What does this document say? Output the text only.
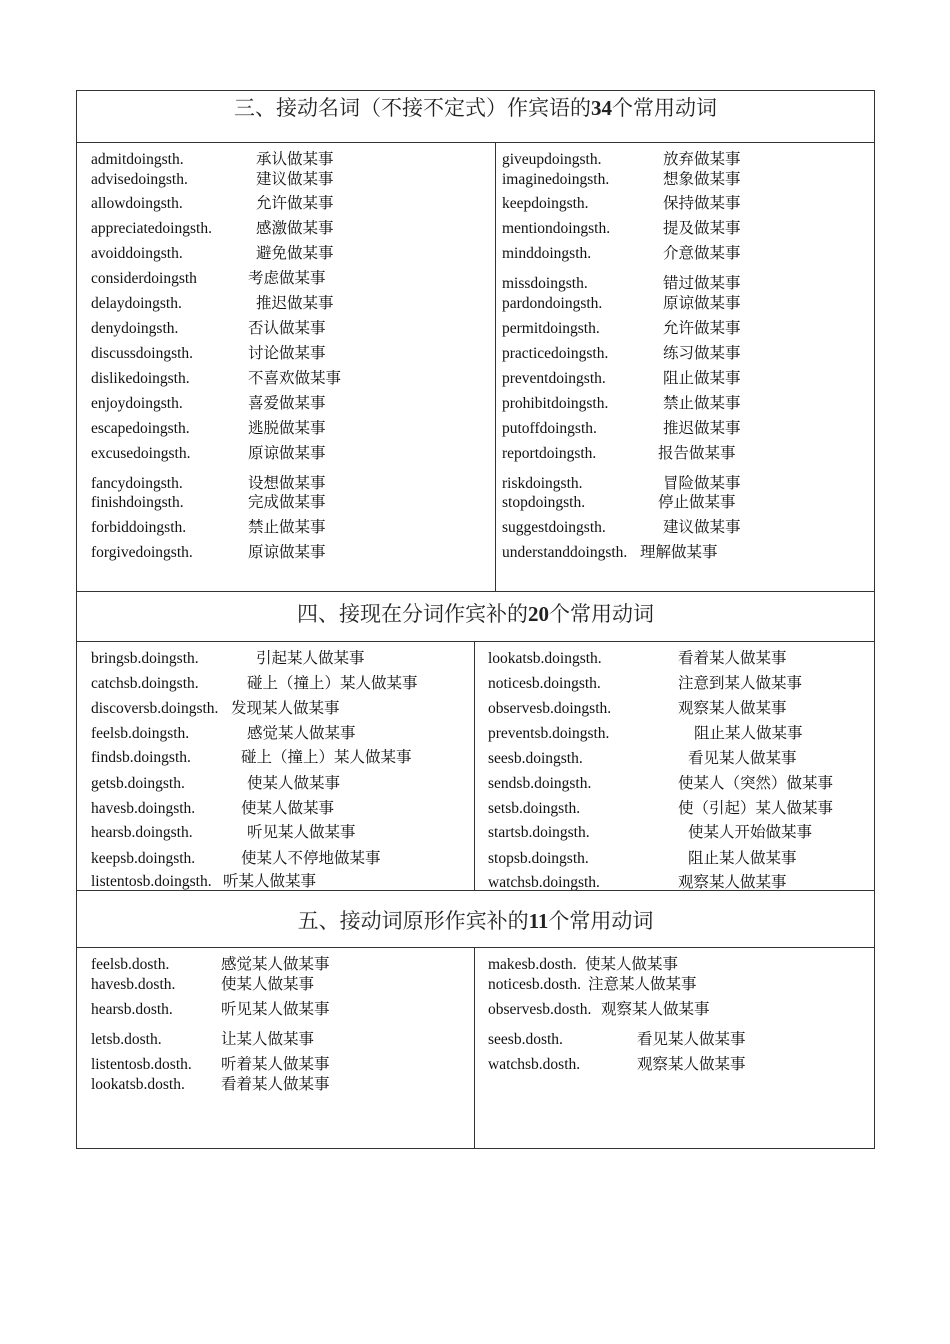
三、接动名词（不接不定式）作宾语的34个常用动词
admitdoingsth.	承认做某事
advisedoingsth.	建议做某事
allowdoingsth.	允许做某事
appreciatedoingsth.	感激做某事
avoiddoingsth.	避免做某事
considerdoingsth	考虑做某事
delaydoingsth.	推迟做某事
denydoingsth.	否认做某事
discussdoingsth.	讨论做某事
dislikedoingsth.	不喜欢做某事
enjoydoingsth.	喜爱做某事
escapedoingsth.	逃脱做某事
excusedoingsth.	原谅做某事
fancydoingsth.	设想做某事
finishdoingsth.	完成做某事
forbiddoingsth.	禁止做某事
forgivedoingsth.	原谅做某事
giveupdoingsth.	放弃做某事
imaginedoingsth.	想象做某事
keepdoingsth.	保持做某事
mentiondoingsth.	提及做某事
minddoingsth.	介意做某事
missdoingsth.	错过做某事
pardondoingsth.	原谅做某事
permitdoingsth.	允许做某事
practicedoingsth.	练习做某事
preventdoingsth.	阻止做某事
prohibitdoingsth.	禁止做某事
putoffdoingsth.	推迟做某事
reportdoingsth.	报告做某事
riskdoingsth.	冒险做某事
stopdoingsth.	停止做某事
suggestdoingsth.	建议做某事
understanddoingsth. 理解做某事
四、接现在分词作宾补的20个常用动词
bringsb.doingsth.	引起某人做某事
catchsb.doingsth.	碰上（撞上）某人做某事
discoversb.doingsth. 发现某人做某事
feelsb.doingsth.	感觉某人做某事
findsb.doingsth.	碰上（撞上）某人做某事
getsb.doingsth.	使某人做某事
havesb.doingsth.	使某人做某事
hearsb.doingsth.	听见某人做某事
keepsb.doingsth.	使某人不停地做某事
listentosb.doingsth. 听某人做某事
lookatsb.doingsth.	看着某人做某事
noticesb.doingsth.	注意到某人做某事
observesb.doingsth.	观察某人做某事
preventsb.doingsth.	阻止某人做某事
seesb.doingsth.	看见某人做某事
sendsb.doingsth.	使某人（突然）做某事
setsb.doingsth.	使（引起）某人做某事
startsb.doingsth.	使某人开始做某事
stopsb.doingsth.	阻止某人做某事
watchsb.doingsth.	观察某人做某事
五、接动词原形作宾补的11个常用动词
feelsb.dosth.	感觉某人做某事
havesb.dosth.	使某人做某事
hearsb.dosth.	听见某人做某事
letsb.dosth.	让某人做某事
listentosb.dosth. 听着某人做某事
lookatsb.dosth. 看着某人做某事
makesb.dosth. 使某人做某事
noticesb.dosth. 注意某人做某事
observesb.dosth. 观察某人做某事
seesb.dosth.	看见某人做某事
watchsb.dosth.	观察某人做某事
